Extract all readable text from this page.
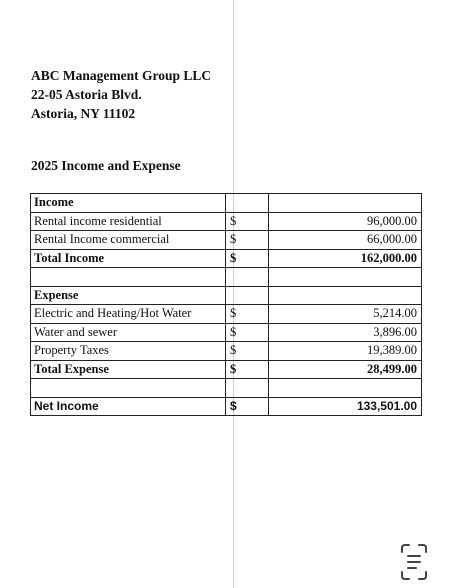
ABC Management Group LLC
22-05 Astoria Blvd.
Astoria, NY 11102
2025 Income and Expense
Income			
Rental income residential	$		96,000.00
Rental Income commercial	$		66,000.00
Total Income	$		162,000.00

Expense			
Electric and Heating/Hot Water	$		5,214.00
Water and sewer	$		3,896.00
Property Taxes	$		19,389.00
Total Expense	$		28,499.00

Net Income	$		133,501.00
